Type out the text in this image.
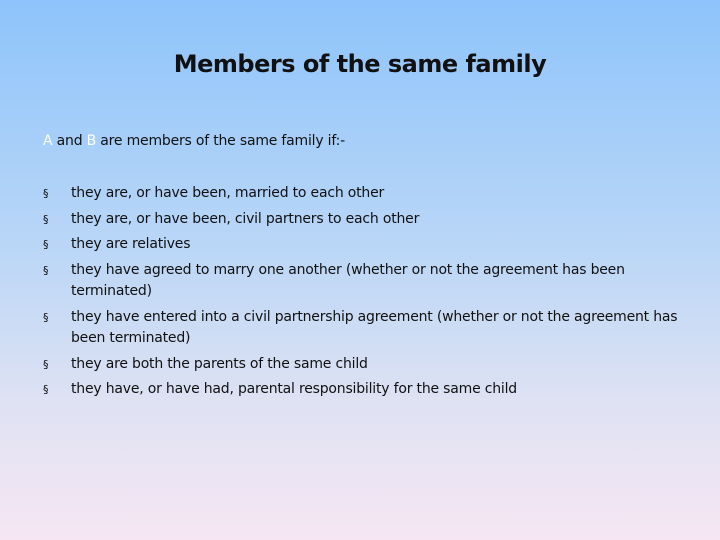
Members of the same family
A and B are members of the same family if:-
§ they are, or have been, married to each other
§ they are, or have been, civil partners to each other
§ they are relatives
§ they have agreed to marry one another (whether or not the agreement has been terminated)
§ they have entered into a civil partnership agreement (whether or not the agreement has been terminated)
§ they are both the parents of the same child
§ they have, or have had, parental responsibility for the same child
